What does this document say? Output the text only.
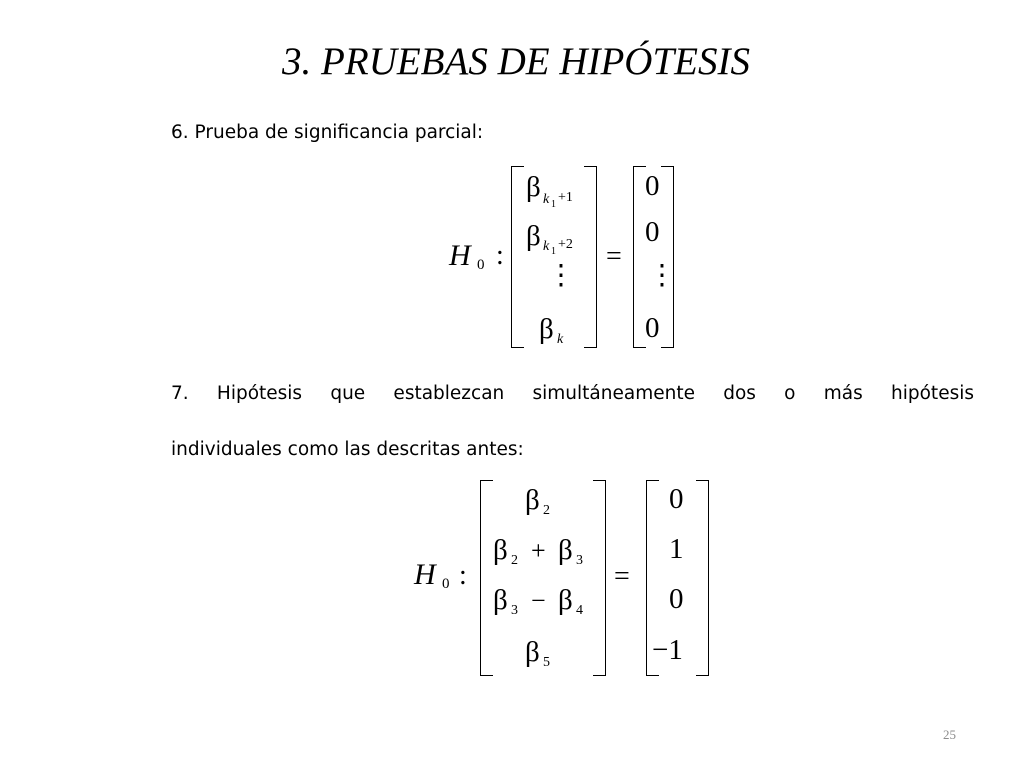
3. PRUEBAS DE HIPÓTESIS
6. Prueba de significancia parcial:
H 0 :
β k 1 +1
β k 1 +2
⋮
β k
=
0
0
⋮
0
7. Hipótesis que establezcan simultáneamente dos o más hipótesis
individuales como las descritas antes:
H 0 :
β 2
β 2 + β 3
β 3 − β 4
β 5
=
0
1
0
−1
25
